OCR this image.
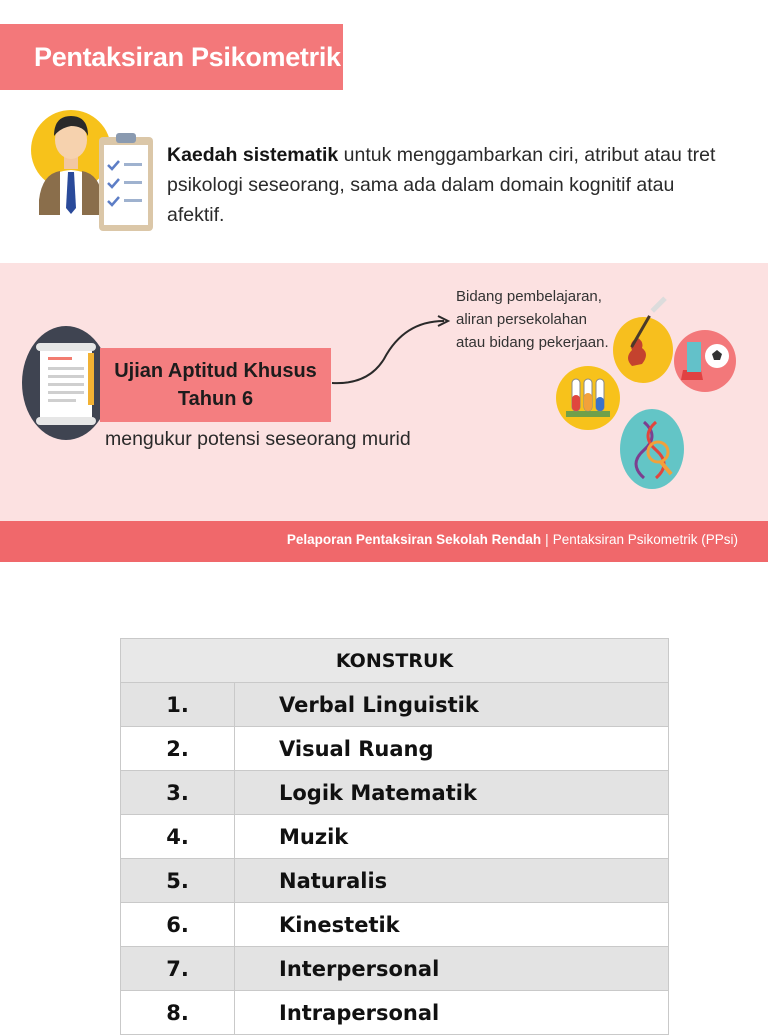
Pentaksiran Psikometrik
Kaedah sistematik untuk menggambarkan ciri, atribut atau tret psikologi seseorang, sama ada dalam domain kognitif atau afektif.
Ujian Aptitud Khusus
Tahun 6
mengukur potensi seseorang murid
Bidang pembelajaran,
aliran persekolahan
atau bidang pekerjaan.
Pelaporan Pentaksiran Sekolah Rendah | Pentaksiran Psikometrik (PPsi)
KONSTRUK	
1.	Verbal Linguistik
2.	Visual Ruang
3.	Logik Matematik
4.	Muzik
5.	Naturalis
6.	Kinestetik
7.	Interpersonal
8.	Intrapersonal
